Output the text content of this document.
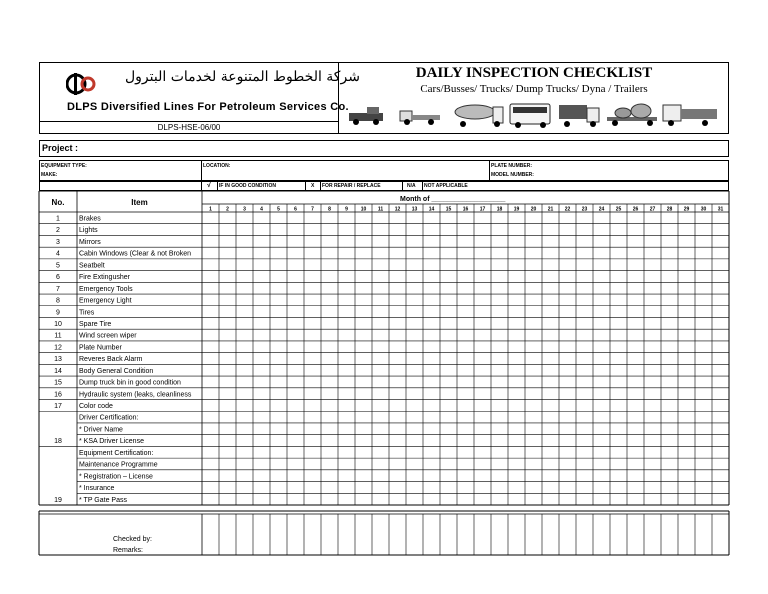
شركة الخطوط المتنوعة لخدمات البترول
DLPS Diversified Lines For Petroleum Services Co.
DLPS-HSE-06/00
DAILY INSPECTION CHECKLIST
Cars/Busses/ Trucks/ Dump Trucks/ Dyna / Trailers
Project :
EQUIPMENT TYPE:
MAKE:
LOCATION:	PLATE NUMBER:
MODEL NUMBER:
√ IF IN GOOD CONDITION	X FOR REPAIR / REPLACE	N/A NOT APPLICABLE
No.	Item	Month of ___________________
1	2	3	4	5	6	7	8	9	10 11 12 13 14 15 16 17 18 19 20 21 22 23 24 25 26 27 28 29 30 31
1	Brakes
2	Lights
3	Mirrors
4	Cabin Windows (Clear & not Broken
5	Seatbelt
6	Fire Extingusher
7	Emergency Tools
8	Emergency Light
9	Tires
10 Spare Tire
11 Wind screen wiper
12 Plate Number
13 Reveres Back Alarm
14 Body General Condition
15 Dump truck bin in good condition
16 Hydraulic system (leaks, cleanliness
17 Color code
Driver Certification:
* Driver Name
18 * KSA Driver License
Equipment Certification:
Maintenance Programme
* Registration – License
* Insurance
19 * TP Gate Pass
Checked by:
Remarks:
